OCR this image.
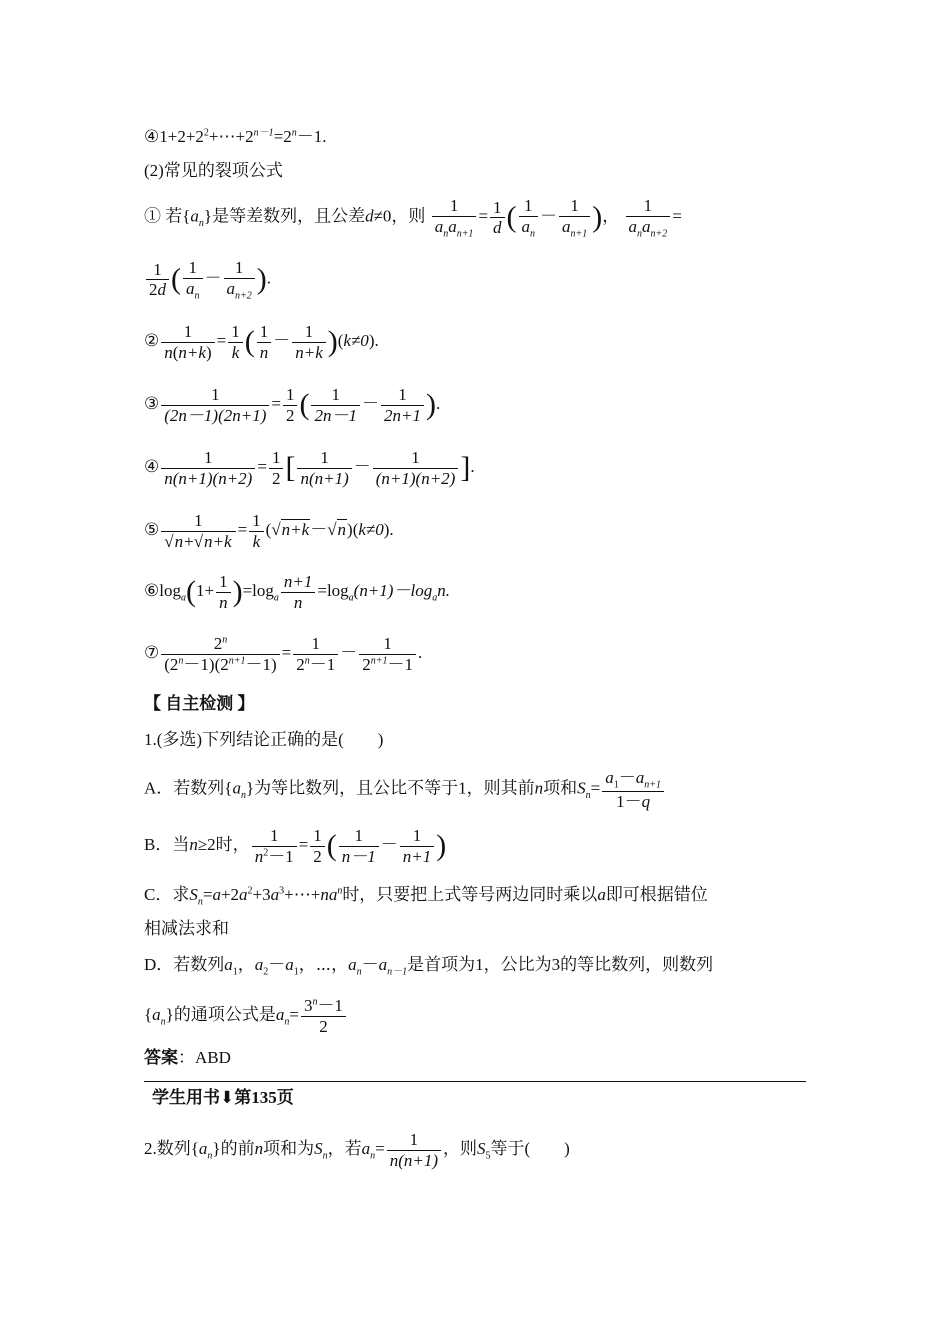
$④1+2+2^2+\cdots+2^{n-1}=2^n-1$.
(2)常见的裂项公式
① 若$\{a_n\}$是等差数列，且公差d≠0，则 $\frac{1}{a_na_{n+1}} = \frac{1}{d}$ ( $\frac{1}{a_n} - \frac{1}{a_{n+1}}$ )， $\frac{1}{a_na_{n+2}}$ =
$\frac{1}{2d}$ ( $\frac{1}{a_n} - \frac{1}{a_{n+2}}$ ).
② $\frac{1}{n(n+k)} = \frac{1}{k}$ ( $\frac{1}{n} - \frac{1}{n+k} )(k\ne 0)$.
③ $\frac{1}{(2n-1)(2n+1)} = \frac{1}{2}$ ( $\frac{1}{2n-1} - \frac{1}{2n+1}$ ).
④ $\frac{1}{n(n+1)(n+2)} = \frac{1}{2}$ [ $\frac{1}{n(n+1)} - \frac{1}{(n+1)(n+2)}$ ].
⑤ $\frac{1}{√n+√n+k} = \frac{1}{k} (√n+k-√n)(k\ne 0)$.
$⑥\log_a(1+ \frac{1}{n} )=\log_a \frac{n+1}{n} =\log_a(n+1)-\log_an$.
⑦ $\frac{2^n}{(2^n-1)(2^{n+1}-1)} = \frac{1}{2^n-1} - \frac{1}{2^{n+1}-1}$ .
【 自主检测 】
1.(多选)下列结论正确的是(　　)
A．若数列$\{a_n\}$为等比数列，且公比不等于1，则其前n项和$S_n= \frac{a_1-a_{n+1}}{1-q}$
B．当n≥2时， $\frac{1}{n^2-1} = \frac{1}{2}$ ( $\frac{1}{n-1} - \frac{1}{n+1}$ )
C．求$S_n=a+2a^2+3a^3+\cdots+na^n$时，只要把上式等号两边同时乘以a即可根据错位
相减法求和
D．若数列$a_1$，$a_2-a_1$，⋯，$a_n-a_{n-1}$是首项为1，公比为3的等比数列，则数列
$\{a_n\}$的通项公式是$a_n= \frac{3^n-1}{2}$
答案：ABD
学生用书⬇第135页
2.数列$\{a_n\}$的前n项和为$S_n$，若$a_n= \frac{1}{n(n+1)}$ ，则$S_5$等于(　　)
